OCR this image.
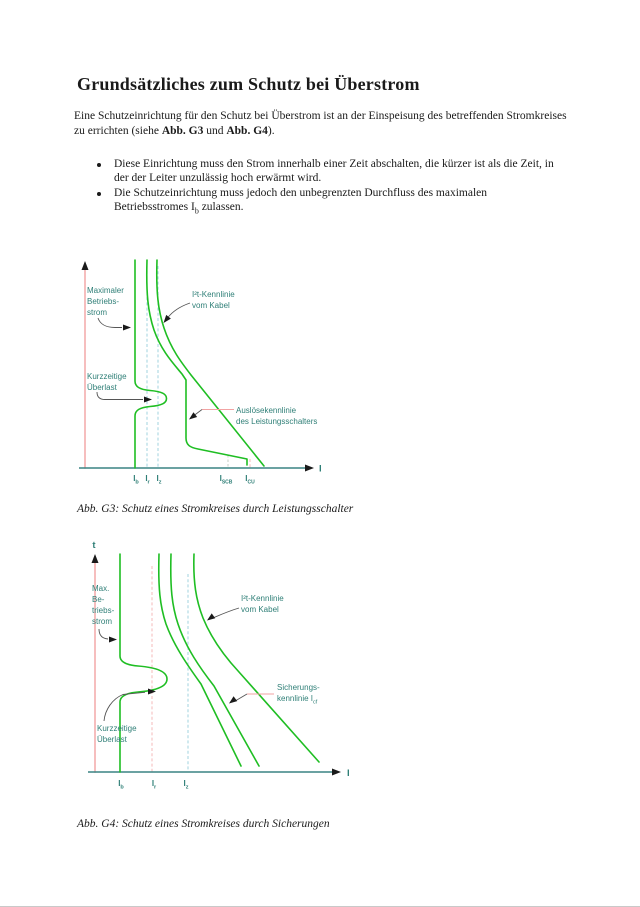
Grundsätzliches zum Schutz bei Überstrom

Eine Schutzeinrichtung für den Schutz bei Überstrom ist an der Einspeisung des betreffenden Stromkreises zu errichten (siehe Abb. G3 und Abb. G4).

Diese Einrichtung muss den Strom innerhalb einer Zeit abschalten, die kürzer ist als die Zeit, in der der Leiter unzulässig hoch erwärmt wird.
Die Schutzeinrichtung muss jedoch den unbegrenzten Durchfluss des maximalen Betriebsstromes $I_b$ zulassen.
I
Maximaler
Betriebs-
strom
I²t-Kennlinie
vom Kabel
Kurzzeitige
Überlast
Auslösekennlinie
des Leistungsschalters
$I_b$ $I_r$ $I_z$	$I_{SCB}$ $I_{CU}$

Abb. G3: Schutz eines Stromkreises durch Leistungsschalter

t
I
Max.
Be-
triebs-
strom
I²t-Kennlinie
vom Kabel
Sicherungs-
kennlinie $I_{cf}$
Kurzzeitige
Überlast
$I_b$	$I_r$	$I_z$

Abb. G4: Schutz eines Stromkreises durch Sicherungen
